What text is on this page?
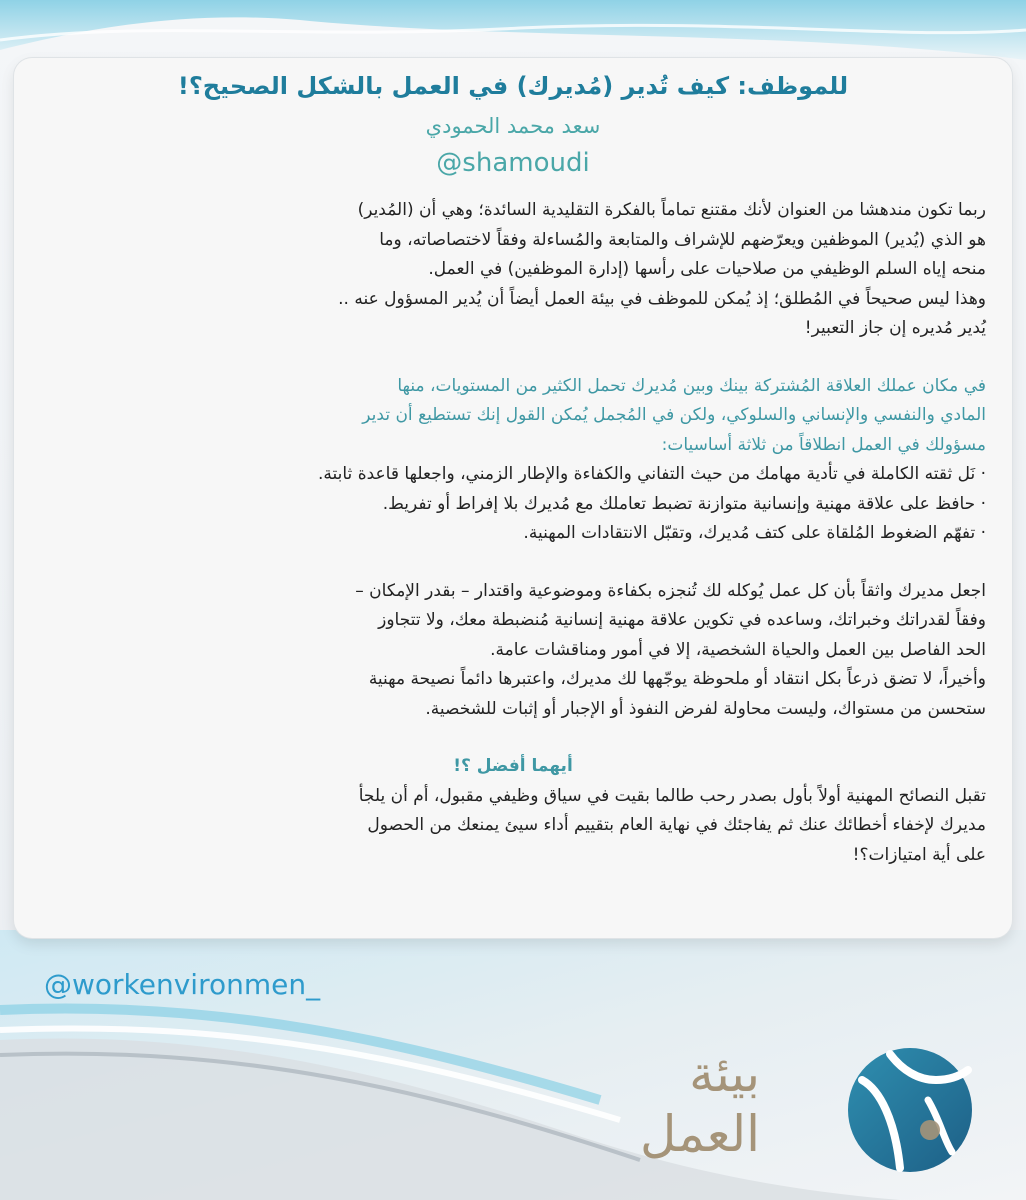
للموظف: كيف تُدير (مُديرك) في العمل بالشكل الصحيح؟!
سعد محمد الحمودي
@shamoudi

ربما تكون مندهشا من العنوان لأنك مقتنع تماماً بالفكرة التقليدية السائدة؛ وهي أن (المُدير)

هو الذي (يُدير) الموظفين ويعرّضهم للإشراف والمتابعة والمُساءلة وفقاً لاختصاصاته، وما

منحه إياه السلم الوظيفي من صلاحيات على رأسها (إدارة الموظفين) في العمل.

وهذا ليس صحيحاً في المُطلق؛ إذ يُمكن للموظف في بيئة العمل أيضاً أن يُدير المسؤول عنه ..

يُدير مُديره إن جاز التعبير!

في مكان عملك العلاقة المُشتركة بينك وبين مُديرك تحمل الكثير من المستويات، منها

المادي والنفسي والإنساني والسلوكي، ولكن في المُجمل يُمكن القول إنك تستطيع أن تدير

مسؤولك في العمل انطلاقاً من ثلاثة أساسيات:

· نَل ثقته الكاملة في تأدية مهامك من حيث التفاني والكفاءة والإطار الزمني، واجعلها قاعدة ثابتة.

· حافظ على علاقة مهنية وإنسانية متوازنة تضبط تعاملك مع مُديرك بلا إفراط أو تفريط.

· تفهّم الضغوط المُلقاة على كتف مُديرك، وتقبّل الانتقادات المهنية.

اجعل مديرك واثقاً بأن كل عمل يُوكله لك تُنجزه بكفاءة وموضوعية واقتدار – بقدر الإمكان –

وفقاً لقدراتك وخبراتك، وساعده في تكوين علاقة مهنية إنسانية مُنضبطة معك، ولا تتجاوز

الحد الفاصل بين العمل والحياة الشخصية، إلا في أمور ومناقشات عامة.

وأخيراً، لا تضق ذرعاً بكل انتقاد أو ملحوظة يوجّهها لك مديرك، واعتبرها دائماً نصيحة مهنية

ستحسن من مستواك، وليست محاولة لفرض النفوذ أو الإجبار أو إثبات للشخصية.

أيهما أفضل ؟!

تقبل النصائح المهنية أولاً بأول بصدر رحب طالما بقيت في سياق وظيفي مقبول، أم أن يلجأ

مديرك لإخفاء أخطائك عنك ثم يفاجئك في نهاية العام بتقييم أداء سيئ يمنعك من الحصول

على أية امتيازات؟!

@workenvironmen_
بيئة
العمل
